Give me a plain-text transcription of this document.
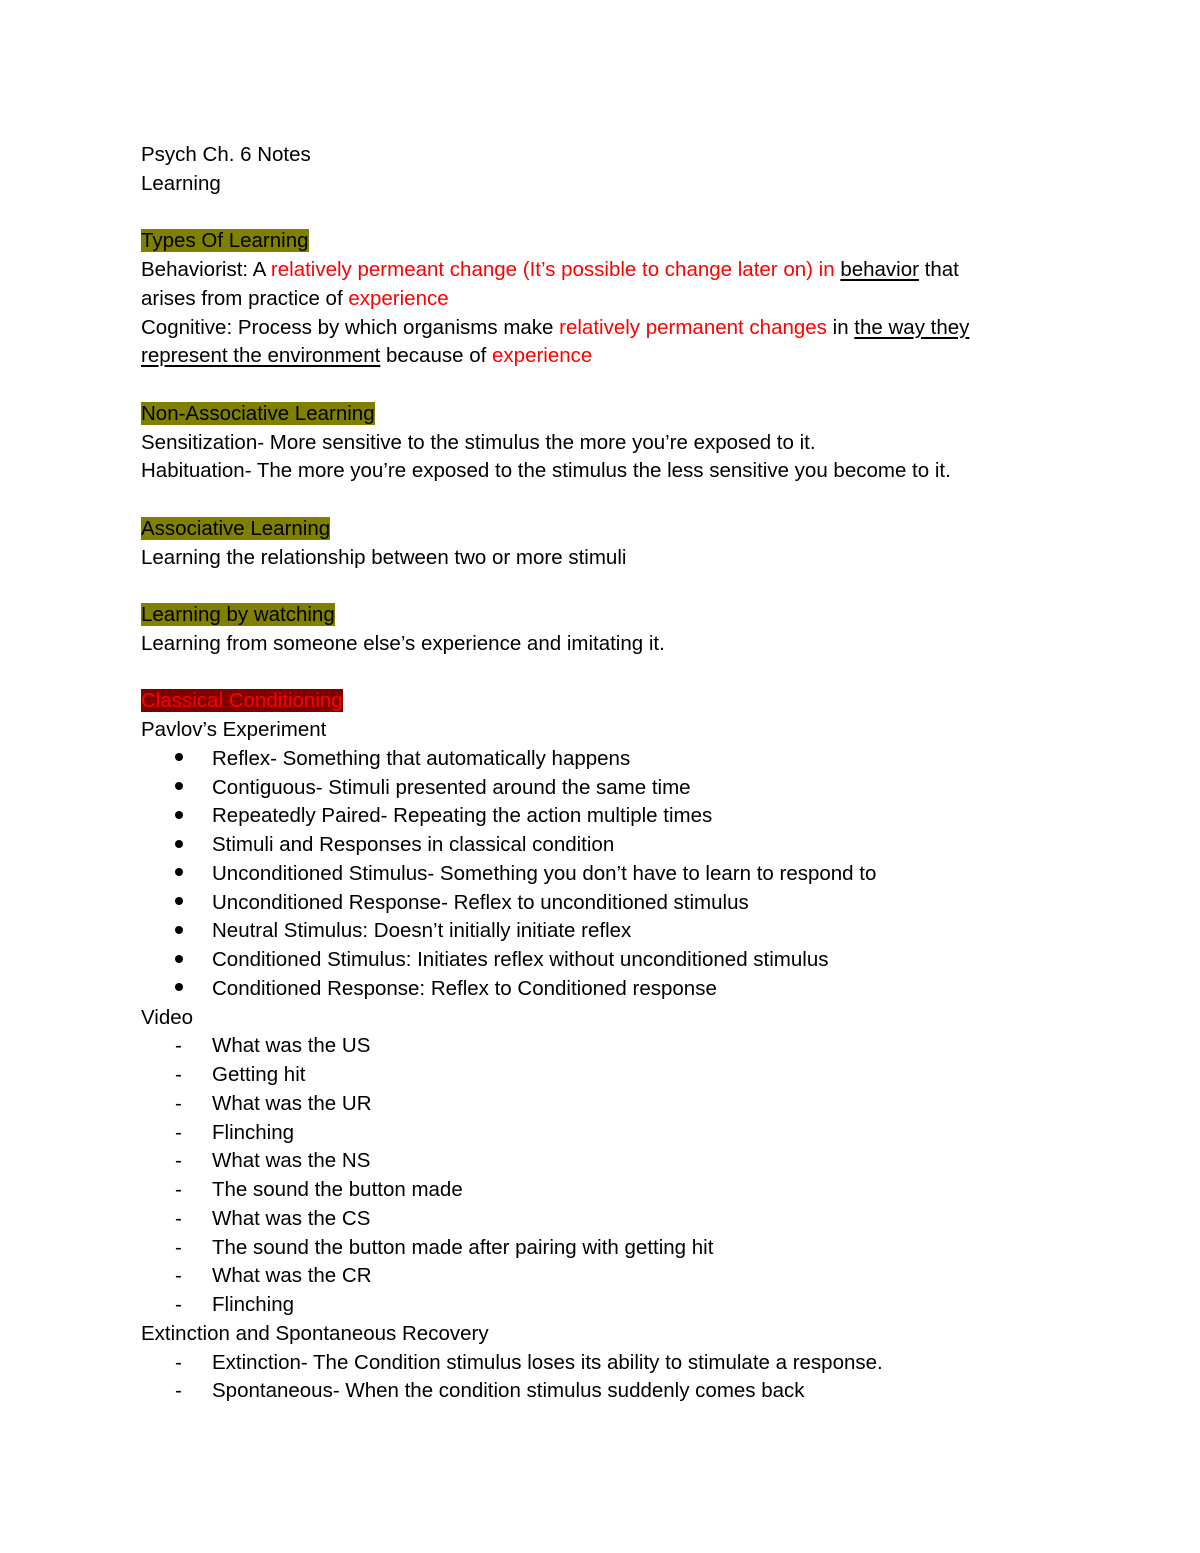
Psych Ch. 6 Notes
Learning
Types Of Learning
Behaviorist: A relatively permeant change (It’s possible to change later on) in behavior that
arises from practice of experience
Cognitive: Process by which organisms make relatively permanent changes in the way they
represent the environment because of experience
Non-Associative Learning
Sensitization- More sensitive to the stimulus the more you’re exposed to it.
Habituation- The more you’re exposed to the stimulus the less sensitive you become to it.
Associative Learning
Learning the relationship between two or more stimuli
Learning by watching
Learning from someone else’s experience and imitating it.
Classical Conditioning
Pavlov’s Experiment
Reflex- Something that automatically happens
Contiguous- Stimuli presented around the same time
Repeatedly Paired- Repeating the action multiple times
Stimuli and Responses in classical condition
Unconditioned Stimulus- Something you don’t have to learn to respond to
Unconditioned Response- Reflex to unconditioned stimulus
Neutral Stimulus: Doesn’t initially initiate reflex
Conditioned Stimulus: Initiates reflex without unconditioned stimulus
Conditioned Response: Reflex to Conditioned response
Video
- What was the US
- Getting hit
- What was the UR
- Flinching
- What was the NS
- The sound the button made
- What was the CS
- The sound the button made after pairing with getting hit
- What was the CR
- Flinching
Extinction and Spontaneous Recovery
- Extinction- The Condition stimulus loses its ability to stimulate a response.
- Spontaneous- When the condition stimulus suddenly comes back
